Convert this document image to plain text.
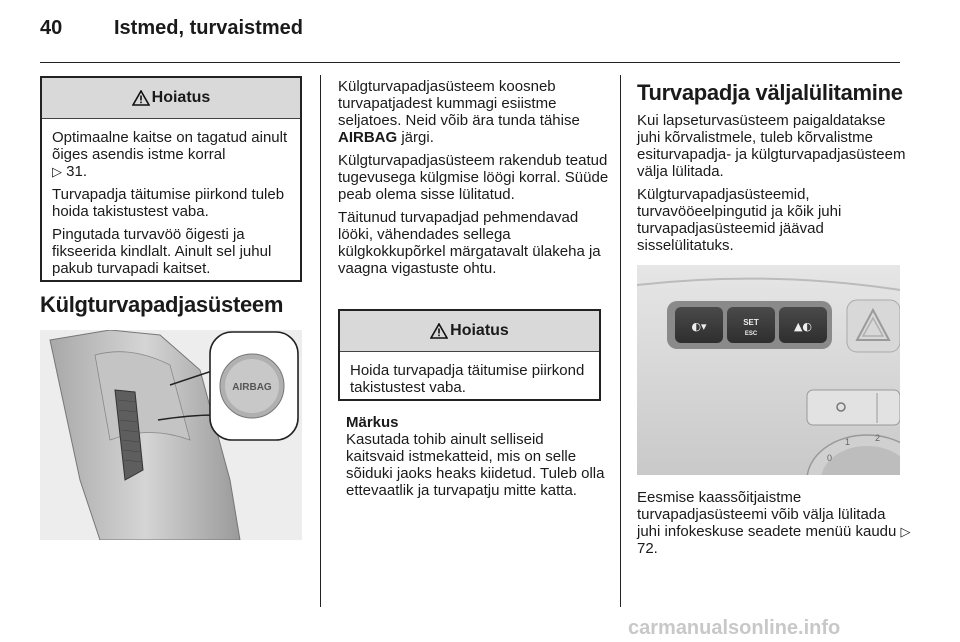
40	Istmed, turvaistmed
Hoiatus

Optimaalne kaitse on tagatud ainult õiges asendis istme korral
▷ 31.

Turvapadja täitumise piirkond tuleb hoida takistustest vaba.

Pingutada turvavöö õigesti ja fikseerida kindlalt. Ainult sel juhul pakub turvapadi kaitset.

Külgturvapadjasüsteem
AIRBAG

Külgturvapadjasüsteem koosneb turvapatjadest kummagi esiistme seljatoes. Neid võib ära tunda tähise AIRBAG järgi.

Külgturvapadjasüsteem rakendub teatud tugevusega külgmise löögi korral. Süüde peab olema sisse lülitatud.

Täitunud turvapadjad pehmendavad lööki, vähendades sellega külgkokkupõrkel märgatavalt ülakeha ja vaagna vigastuste ohtu.

Hoiatus

Hoida turvapadja täitumise piirkond takistustest vaba.

Märkus
Kasutada tohib ainult selliseid kaitsvaid istmekatteid, mis on selle sõiduki jaoks heaks kiidetud. Tuleb olla ettevaatlik ja turvapatju mitte katta.
Turvapadja väljalülitamine

Kui lapseturvasüsteem paigaldatakse juhi kõrvalistmele, tuleb kõrvalistme esiturvapadja- ja külgturvapadjasüsteem välja lülitada.

Külgturvapadjasüsteemid, turvavööeelpingutid ja kõik juhi turvapadjasüsteemid jäävad sisselülitatuks.

◐▾	SET
ESC
▲◐
0
1	2

Eesmise kaassõitjaistme turvapadjasüsteemi võib välja lülitada juhi infokeskuse seadete menüü kaudu ▷ 72.

carmanualsonline.info
